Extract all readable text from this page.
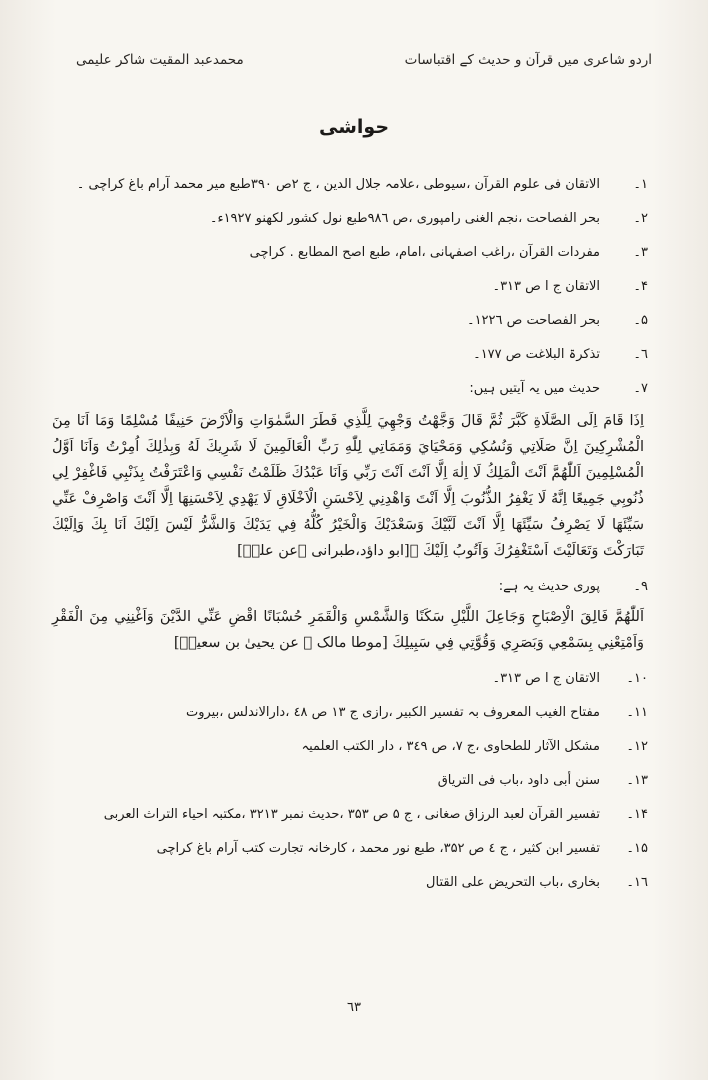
محمدعبد المقیت شاکر علیمی	اردو شاعری میں قرآن و حدیث کے اقتباسات
حواشی
١۔
الاتقان فی علوم القرآن ،سیوطی ،علامہ جلال الدین ، ج ٢ص ٣٩٠طبع میر محمد آرام باغ کراچی ۔
٢۔
بحر الفصاحت ،نجم الغنی رامپوری ،ص ٩٨٦طبع نول کشور لکھنو ١٩٢٧ء۔
٣۔
مفردات القرآن ،راغب اصفہانی ،امام، طبع اصح المطابع . کراچی
۴۔
الاتقان ج ا ص ٣١٣۔
۵۔
بحر الفصاحت ص ١٢٢٦۔
٦۔
تذکرۃ البلاغت ص ١٧٧۔
٧۔
حدیث میں یہ آیتیں ہیں:
اِذَا قَامَ اِلَى الصَّلَاةِ كَبَّرَ ثُمَّ قَالَ وَجَّهْتُ وَجْهِيَ لِلَّذِي فَطَرَ السَّمٰوَاتِ وَالْاَرْضَ حَنِيفًا مُسْلِمًا وَمَا اَنَا مِنَ الْمُشْرِكِينَ اِنَّ صَلَاتِي وَنُسُكِي وَمَحْيَايَ وَمَمَاتِي لِلّٰهِ رَبِّ الْعَالَمِينَ لَا شَرِيكَ لَهُ وَبِذٰلِكَ اُمِرْتُ وَاَنَا اَوَّلُ الْمُسْلِمِينَ اَللّٰهُمَّ اَنْتَ الْمَلِكُ لَا اِلٰهَ اِلَّا اَنْتَ اَنْتَ رَبِّي وَاَنَا عَبْدُكَ ظَلَمْتُ نَفْسِي وَاعْتَرَفْتُ بِذَنْبِي فَاغْفِرْ لِي ذُنُوبِي جَمِيعًا اِنَّهُ لَا يَغْفِرُ الذُّنُوبَ اِلَّا اَنْتَ وَاهْدِنِي لِاَحْسَنِ الْاَخْلَاقِ لَا يَهْدِي لِاَحْسَنِهَا اِلَّا اَنْتَ وَاصْرِفْ عَنِّي سَيِّئَهَا لَا يَصْرِفُ سَيِّئَهَا اِلَّا اَنْتَ لَبَّيْكَ وَسَعْدَيْكَ وَالْخَيْرُ كُلُّهُ فِي يَدَيْكَ وَالشَّرُّ لَيْسَ اِلَيْكَ اَنَا بِكَ وَاِلَيْكَ تَبَارَكْتَ وَتَعَالَيْتَ اَسْتَغْفِرُكَ وَاَتُوبُ اِلَيْكَ ۔[ابو داؤد،طبرانی ۔عن علیؓ]
٩۔
پوری حدیث یہ ہے:
اَللّٰهُمَّ فَالِقَ الْاِصْبَاحِ وَجَاعِلَ اللَّيْلِ سَكَنًا وَالشَّمْسِ وَالْقَمَرِ حُسْبَانًا اقْضِ عَنِّي الدَّيْنَ وَاَغْنِنِي مِنَ الْفَقْرِ وَاَمْتِعْنِي بِسَمْعِي وَبَصَرِي وَقُوَّتِي فِي سَبِيلِكَ [موطا مالک ۔ عن یحییٰ بن سعیدؒ]
١٠۔
الاتقان ج ا ص ٣١٣۔
١١۔
مفتاح الغیب المعروف بہ تفسیر الکبیر ،رازی ج ١٣ ص ٤٨ ،دارالاندلس ،بیروت
١٢۔
مشکل الآثار للطحاوی ،ج ٧، ص ٣٤٩ ، دار الکتب العلمیہ
١٣۔
سنن أبی داود ،باب فی التریاق
١۴۔
تفسیر القرآن لعبد الرزاق صغانی ، ج ۵ ص ٣۵٣ ،حدیث نمبر ٣٢١٣ ،مکتبہ احیاء التراث العربی
١۵۔
تفسیر ابن کثیر ، ج ٤ ص ٣۵٢، طبع نور محمد ، کارخانہ تجارت کتب آرام باغ کراچی
١٦۔
بخاری ،باب التحریض علی القتال
٦٣
